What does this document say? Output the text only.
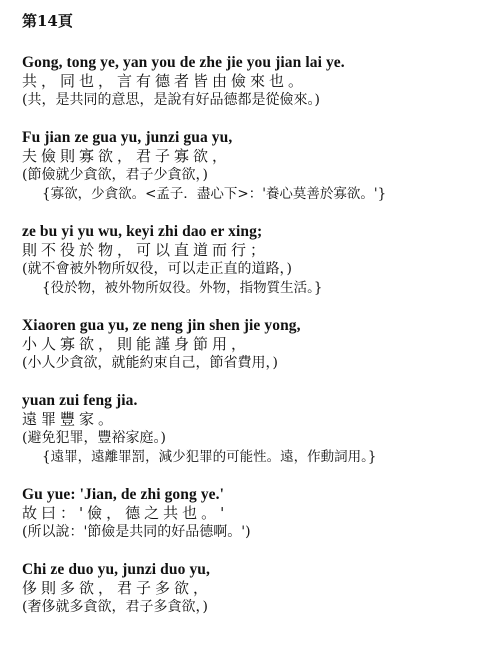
第14頁
Gong, tong ye, yan you de zhe jie you jian lai ye.
共，同也，言有德者皆由儉來也。
(共，是共同的意思，是說有好品德都是從儉來。)
Fu jian ze gua yu, junzi gua yu,
夫儉則寡欲，君子寡欲，
(節儉就少貪欲，君子少貪欲，)
{寡欲，少貪欲。<孟子．盡心下>：'養心莫善於寡欲。'}
ze bu yi yu wu, keyi zhi dao er xing;
則不役於物，可以直道而行；
(就不會被外物所奴役，可以走正直的道路，)
{役於物，被外物所奴役。外物，指物質生活。}
Xiaoren gua yu, ze neng jin shen jie yong,
小人寡欲，則能謹身節用，
(小人少貪欲，就能約束自己，節省費用，)
yuan zui feng jia.
遠罪豐家。
(避免犯罪，豐裕家庭。)
{遠罪，遠離罪罰，減少犯罪的可能性。遠，作動詞用。}
Gu yue: 'Jian, de zhi gong ye.'
故曰：'儉，德之共也。'
(所以說：'節儉是共同的好品德啊。')
Chi ze duo yu, junzi duo yu,
侈則多欲，君子多欲，
(奢侈就多貪欲，君子多貪欲，)
